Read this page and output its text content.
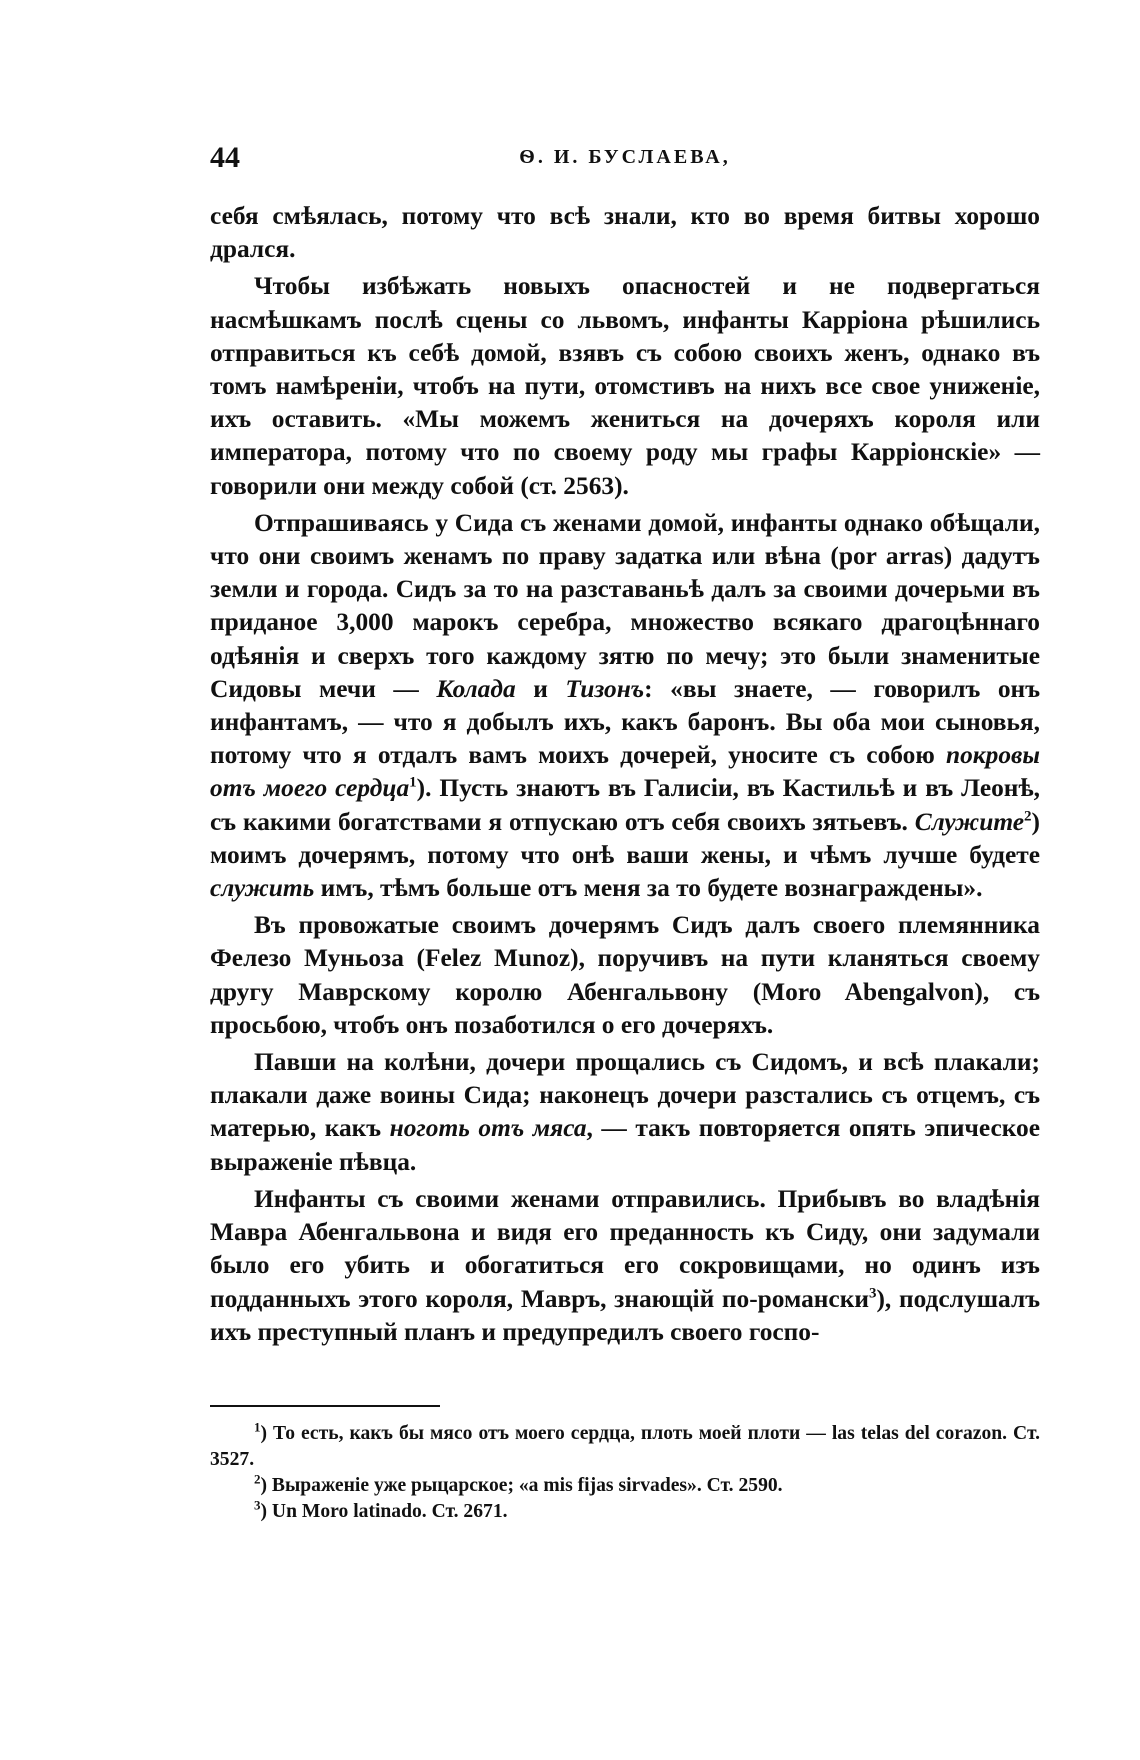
44	Ѳ. И. БУСЛАЕВА,

себя смѣялась, потому что всѣ знали, кто во время битвы хорошо дрался.

Чтобы избѣжать новыхъ опасностей и не подвергаться насмѣшкамъ послѣ сцены со львомъ, инфанты Карріона рѣшились отправиться къ себѣ домой, взявъ съ собою своихъ женъ, однако въ томъ намѣреніи, чтобъ на пути, отомстивъ на нихъ все свое униженіе, ихъ оставить. «Мы можемъ жениться на дочеряхъ короля или императора, потому что по своему роду мы графы Карріонскіе» — говорили они между собой (ст. 2563).

Отпрашиваясь у Сида съ женами домой, инфанты однако обѣщали, что они своимъ женамъ по праву задатка или вѣна (por arras) дадутъ земли и города. Сидъ за то на разставаньѣ далъ за своими дочерьми въ приданое 3,000 марокъ серебра, множество всякаго драгоцѣннаго одѣянія и сверхъ того каждому зятю по мечу; это были знаменитые Сидовы мечи — Колада и Тизонъ: «вы знаете, — говорилъ онъ инфантамъ, — что я добылъ ихъ, какъ баронъ. Вы оба мои сыновья, потому что я отдалъ вамъ моихъ дочерей, уносите съ собою покровы отъ моего сердца$^1$). Пусть знаютъ въ Галисіи, въ Кастильѣ и въ Леонѣ, съ какими богатствами я отпускаю отъ себя своихъ зятьевъ. Служите$^2$) моимъ дочерямъ, потому что онѣ ваши жены, и чѣмъ лучше будете служить имъ, тѣмъ больше отъ меня за то будете вознаграждены».

Въ провожатые своимъ дочерямъ Сидъ далъ своего племянника Фелезо Муньоза (Felez Munoz), поручивъ на пути кланяться своему другу Маврскому королю Абенгальвону (Moro Abengalvon), съ просьбою, чтобъ онъ позаботился о его дочеряхъ.

Павши на колѣни, дочери прощались съ Сидомъ, и всѣ плакали; плакали даже воины Сида; наконецъ дочери разстались съ отцемъ, съ матерью, какъ ноготь отъ мяса, — такъ повторяется опять эпическое выраженіе пѣвца.

Инфанты съ своими женами отправились. Прибывъ во владѣнія Мавра Абенгальвона и видя его преданность къ Сиду, они задумали было его убить и обогатиться его сокровищами, но одинъ изъ подданныхъ этого короля, Мавръ, знающій по-романски$^3$), подслушалъ ихъ преступный планъ и предупредилъ своего госпо-

$^1$) То есть, какъ бы мясо отъ моего сердца, плоть моей плоти — las telas del corazon. Ст. 3527.

$^2$) Выраженіе уже рыцарское; «a mis fijas sirvades». Ст. 2590.

$^3$) Un Moro latinado. Ст. 2671.
